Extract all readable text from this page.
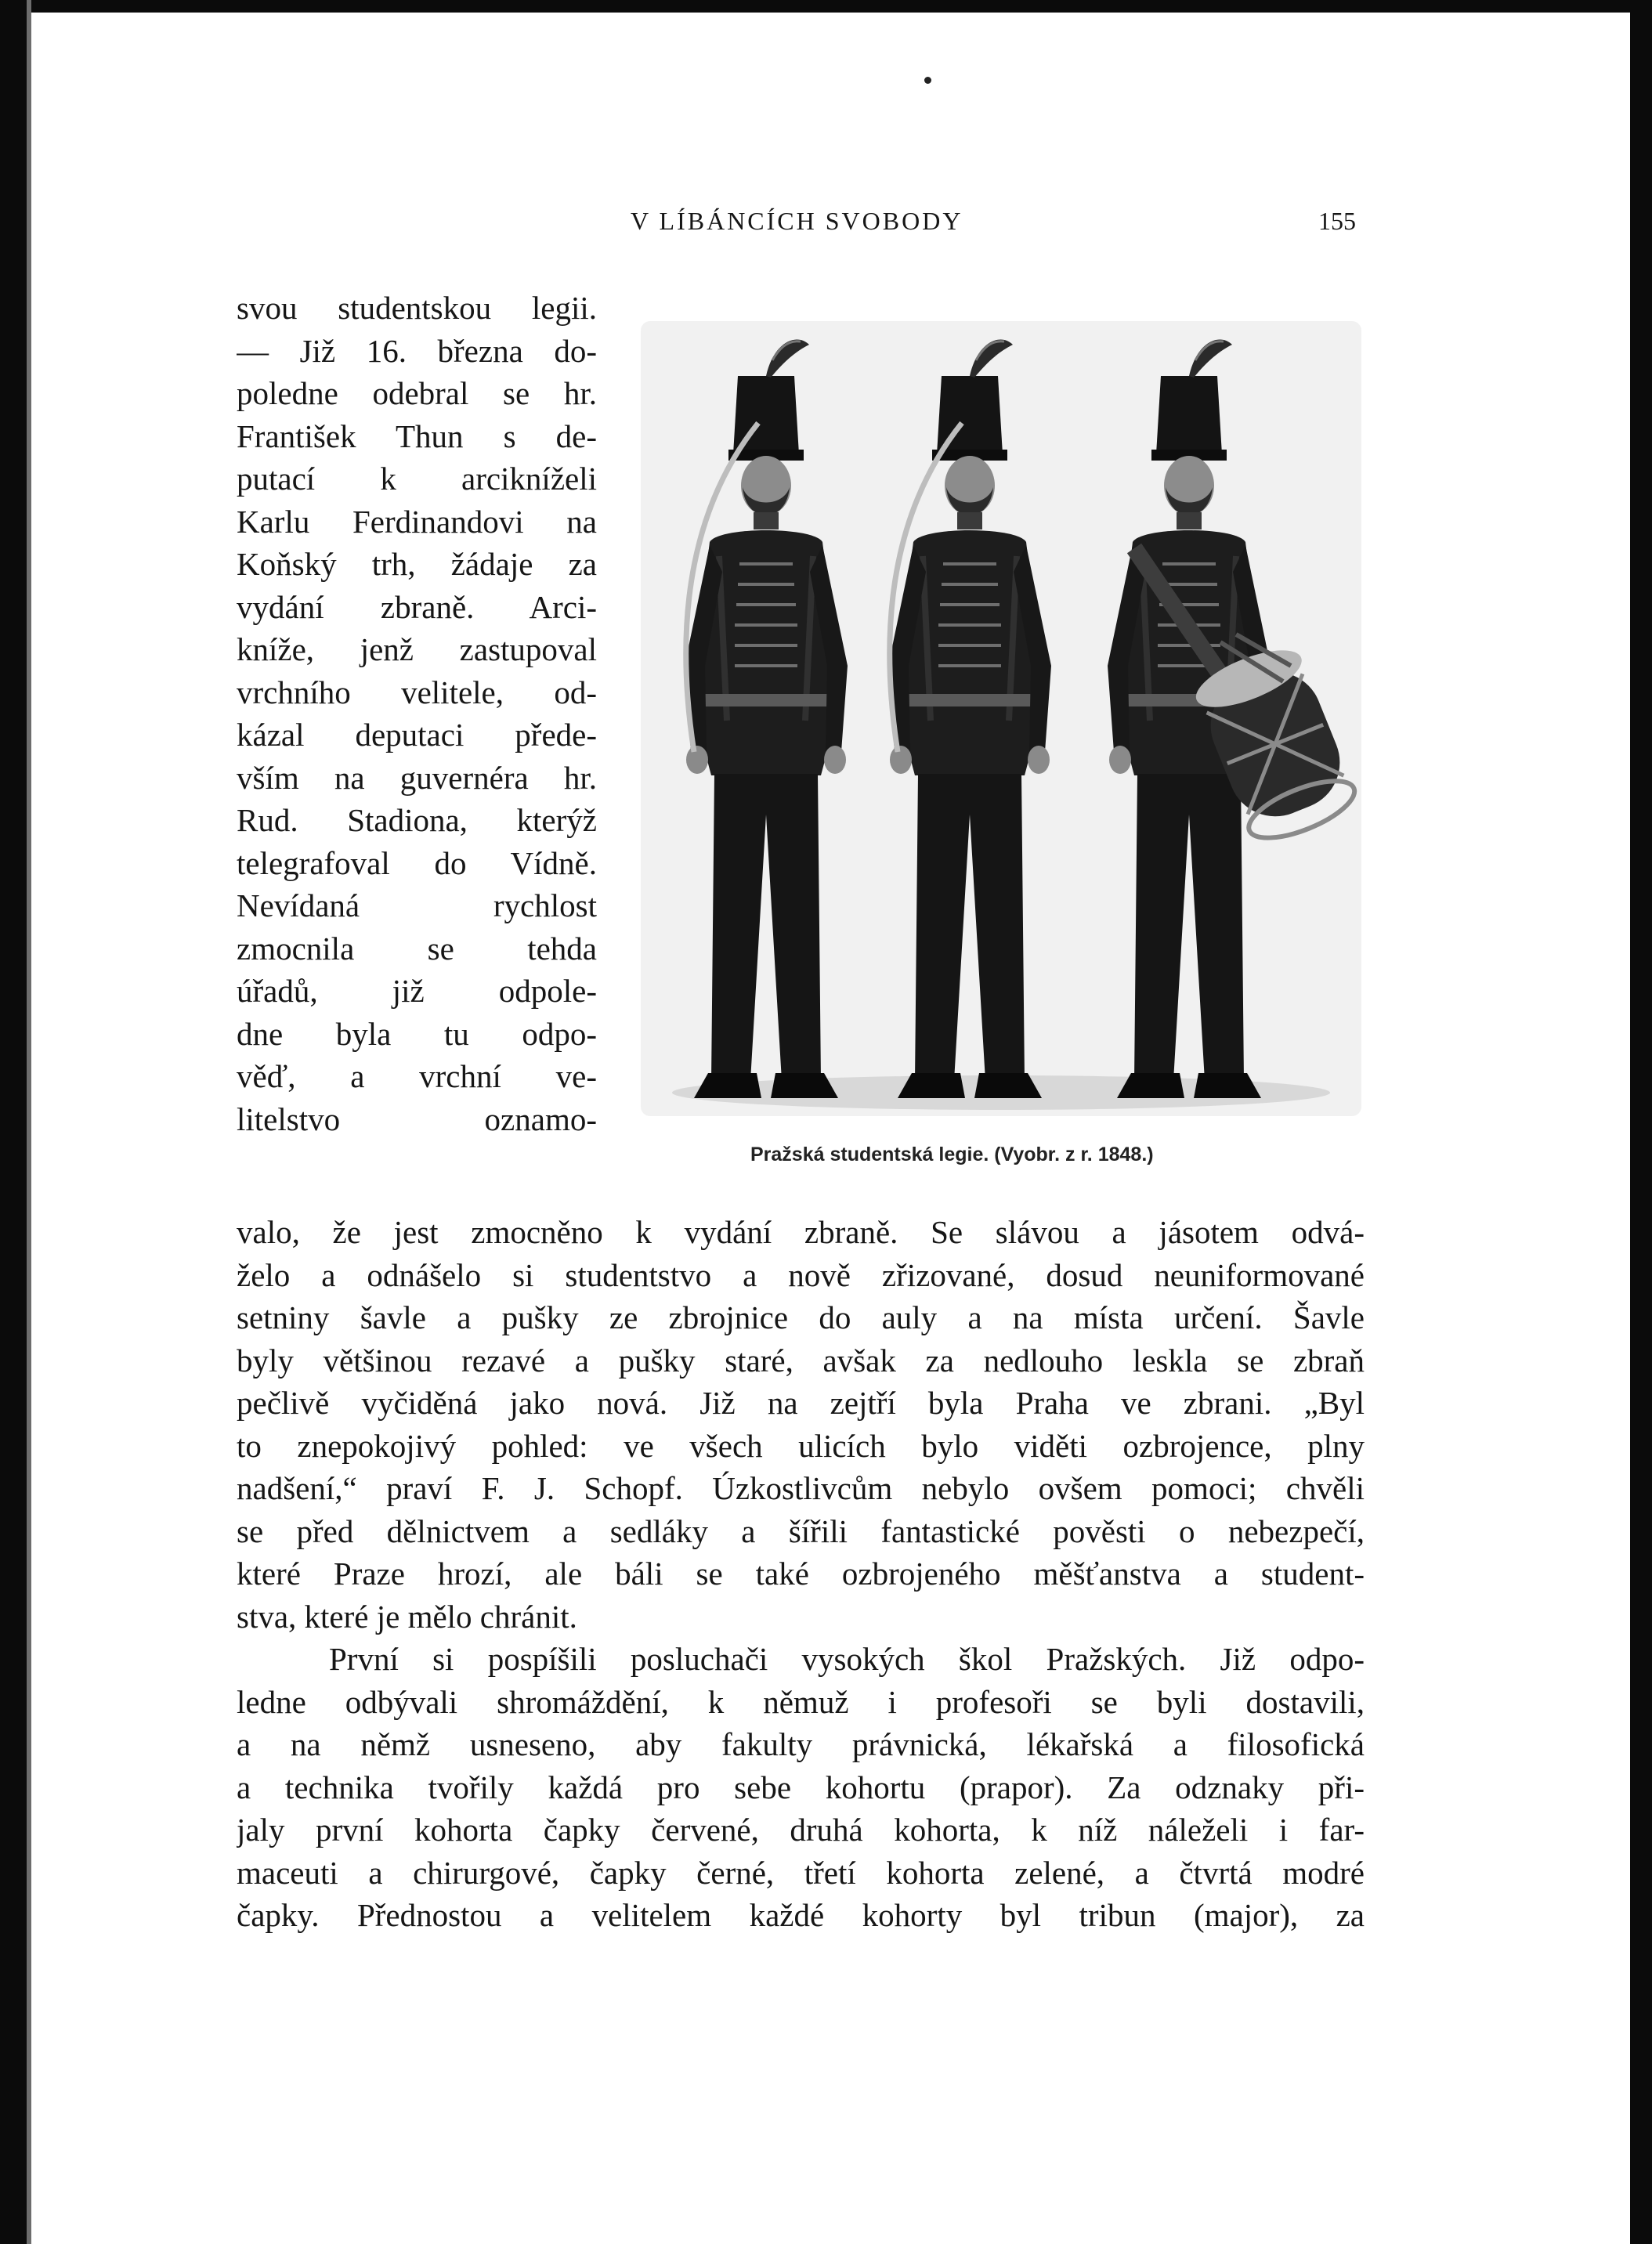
V LÍBÁNCÍCH SVOBODY	155
svou studentskou legii.
— Již 16. března do-
poledne odebral se hr.
František Thun s de-
putací k arcikníželi
Karlu Ferdinandovi na
Koňský trh, žádaje za
vydání zbraně. Arci-
kníže, jenž zastupoval
vrchního velitele, od-
kázal deputaci přede-
vším na guvernéra hr.
Rud. Stadiona, kterýž
telegrafoval do Vídně.
Nevídaná rychlost
zmocnila se tehda
úřadů, již odpole-
dne byla tu odpo-
věď, a vrchní ve-
litelstvo oznamo-
Pražská studentská legie. (Vyobr. z r. 1848.)
valo, že jest zmocněno k vydání zbraně. Se slávou a jásotem odvá-
želo a odnášelo si studentstvo a nově zřizované, dosud neuniformované
setniny šavle a pušky ze zbrojnice do auly a na místa určení. Šavle
byly většinou rezavé a pušky staré, avšak za nedlouho leskla se zbraň
pečlivě vyčiděná jako nová. Již na zejtří byla Praha ve zbrani. „Byl
to znepokojivý pohled: ve všech ulicích bylo viděti ozbrojence, plny
nadšení,“ praví F. J. Schopf. Úzkostlivcům nebylo ovšem pomoci; chvěli
se před dělnictvem a sedláky a šířili fantastické pověsti o nebezpečí,
které Praze hrozí, ale báli se také ozbrojeného měšťanstva a student-
stva, které je mělo chránit.
První si pospíšili posluchači vysokých škol Pražských. Již odpo-
ledne odbývali shromáždění, k němuž i profesoři se byli dostavili,
a na němž usneseno, aby fakulty právnická, lékařská a filosofická
a technika tvořily každá pro sebe kohortu (prapor). Za odznaky při-
jaly první kohorta čapky červené, druhá kohorta, k níž náleželi i far-
maceuti a chirurgové, čapky černé, třetí kohorta zelené, a čtvrtá modré
čapky. Přednostou a velitelem každé kohorty byl tribun (major), za
